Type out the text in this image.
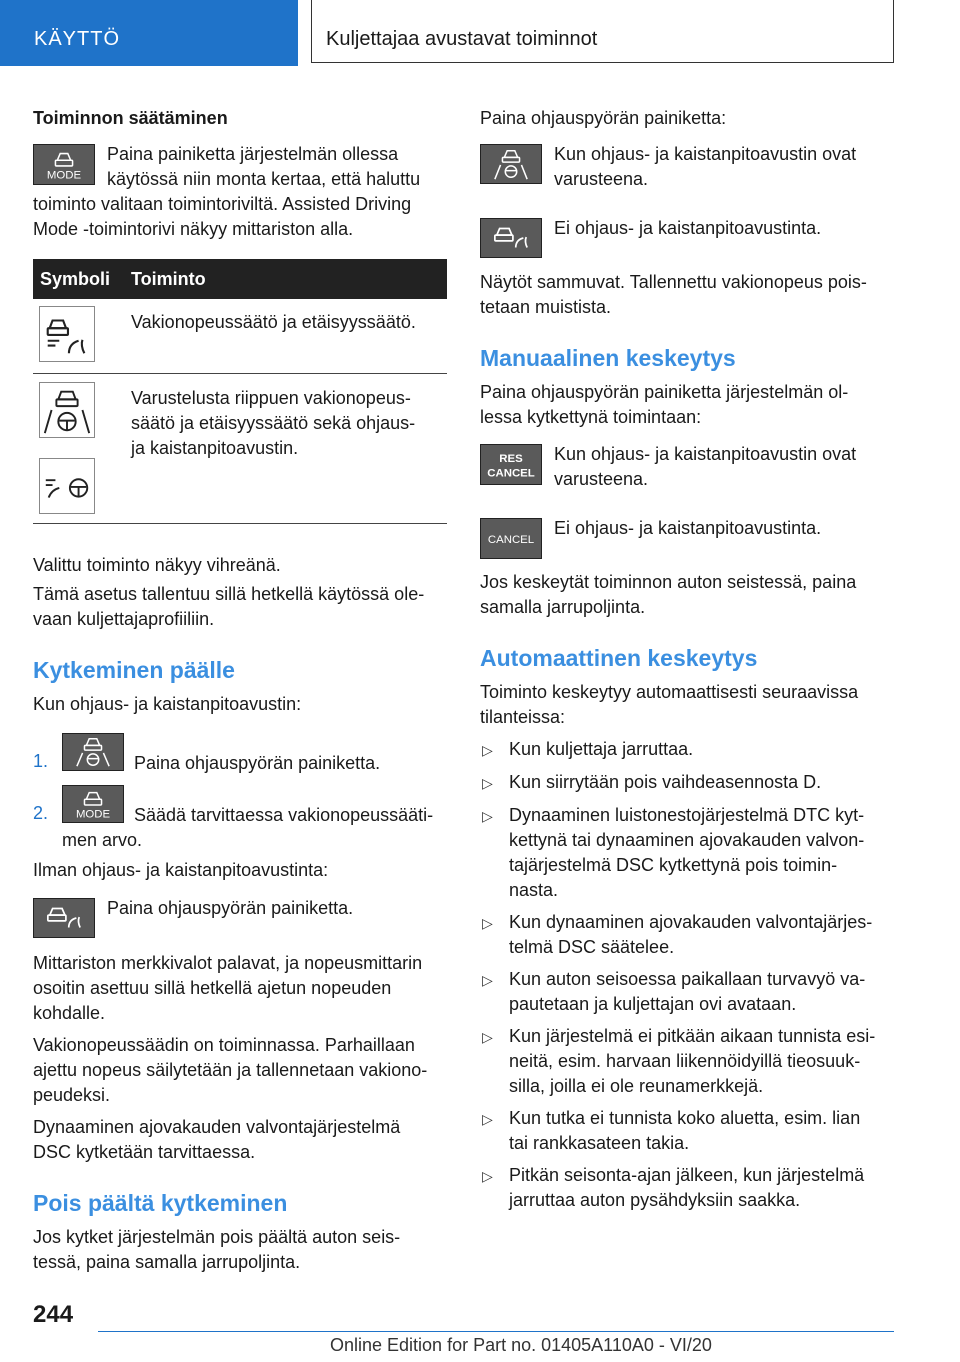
KÄYTTÖ	Kuljettajaa avustavat toiminnot
Toiminnon säätäminen
MODE
Paina painiketta järjestelmän ollessa
käytössä niin monta kertaa, että haluttu
toiminto valitaan toimintoriviltä. Assisted Driving
Mode -toimintorivi näkyy mittariston alla.
Symboli Toiminto
Vakionopeussäätö ja etäisyyssäätö.
Varustelusta riippuen vakionopeus-
säätö ja etäisyyssäätö sekä ohjaus-
ja kaistanpitoavustin.
Valittu toiminto näkyy vihreänä.
Tämä asetus tallentuu sillä hetkellä käytössä ole-
vaan kuljettajaprofiiliin.
Kytkeminen päälle
Kun ohjaus- ja kaistanpitoavustin:
1.	Paina ohjauspyörän painiketta.
2. MODE Säädä tarvittaessa vakionopeussääti-
men arvo.
Ilman ohjaus- ja kaistanpitoavustinta:
Paina ohjauspyörän painiketta.
Mittariston merkkivalot palavat, ja nopeusmittarin
osoitin asettuu sillä hetkellä ajetun nopeuden
kohdalle.
Vakionopeussäädin on toiminnassa. Parhaillaan
ajettu nopeus säilytetään ja tallennetaan vakiono-
peudeksi.
Dynaaminen ajovakauden valvontajärjestelmä
DSC kytketään tarvittaessa.
Pois päältä kytkeminen
Jos kytket järjestelmän pois päältä auton seis-
tessä, paina samalla jarrupoljinta.
Paina ohjauspyörän painiketta:
Kun ohjaus- ja kaistanpitoavustin ovat
varusteena.
Ei ohjaus- ja kaistanpitoavustinta.
Näytöt sammuvat. Tallennettu vakionopeus pois-
tetaan muistista.
Manuaalinen keskeytys
Paina ohjauspyörän painiketta järjestelmän ol-
lessa kytkettynä toimintaan:
RES
CANCEL
Kun ohjaus- ja kaistanpitoavustin ovat
varusteena.
CANCEL
Ei ohjaus- ja kaistanpitoavustinta.
Jos keskeytät toiminnon auton seistessä, paina
samalla jarrupoljinta.
Automaattinen keskeytys
Toiminto keskeytyy automaattisesti seuraavissa
tilanteissa:
▷ Kun kuljettaja jarruttaa.
▷ Kun siirrytään pois vaihdeasennosta D.
▷ Dynaaminen luistonestojärjestelmä DTC kyt-
kettynä tai dynaaminen ajovakauden valvon-
tajärjestelmä DSC kytkettynä pois toimin-
nasta.
▷ Kun dynaaminen ajovakauden valvontajärjes-
telmä DSC säätelee.
▷ Kun auton seisoessa paikallaan turvavyö va-
pautetaan ja kuljettajan ovi avataan.
▷ Kun järjestelmä ei pitkään aikaan tunnista esi-
neitä, esim. harvaan liikennöidyillä tieosuuk-
silla, joilla ei ole reunamerkkejä.
▷ Kun tutka ei tunnista koko aluetta, esim. lian
tai rankkasateen takia.
▷ Pitkän seisonta-ajan jälkeen, kun järjestelmä
jarruttaa auton pysähdyksiin saakka.
244
Online Edition for Part no. 01405A110A0 - VI/20
